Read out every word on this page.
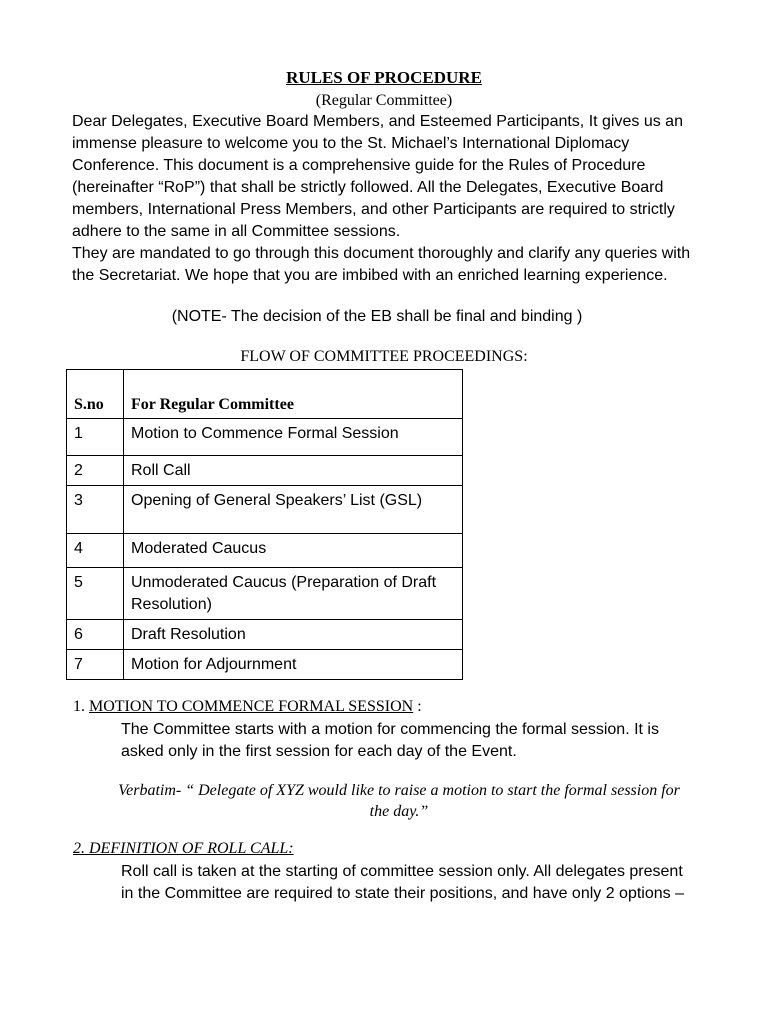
RULES OF PROCEDURE
(Regular Committee)

Dear Delegates, Executive Board Members, and Esteemed Participants, It gives us an immense pleasure to welcome you to the St. Michael’s International Diplomacy Conference. This document is a comprehensive guide for the Rules of Procedure (hereinafter “RoP”) that shall be strictly followed. All the Delegates, Executive Board members, International Press Members, and other Participants are required to strictly adhere to the same in all Committee sessions.

They are mandated to go through this document thoroughly and clarify any queries with the Secretariat. We hope that you are imbibed with an enriched learning experience.

(NOTE- The decision of the EB shall be final and binding )
FLOW OF COMMITTEE PROCEEDINGS:
S.no	For Regular Committee
1	Motion to Commence Formal Session
2	Roll Call
3	Opening of General Speakers’ List (GSL)
4	Moderated Caucus
5	Unmoderated Caucus (Preparation of Draft Resolution)
6	Draft Resolution
7	Motion for Adjournment
1. MOTION TO COMMENCE FORMAL SESSION :
The Committee starts with a motion for commencing the formal session. It is asked only in the first session for each day of the Event.
Verbatim- “ Delegate of XYZ would like to raise a motion to start the formal session for the day.”
2. DEFINITION OF ROLL CALL:
Roll call is taken at the starting of committee session only. All delegates present in the Committee are required to state their positions, and have only 2 options –
